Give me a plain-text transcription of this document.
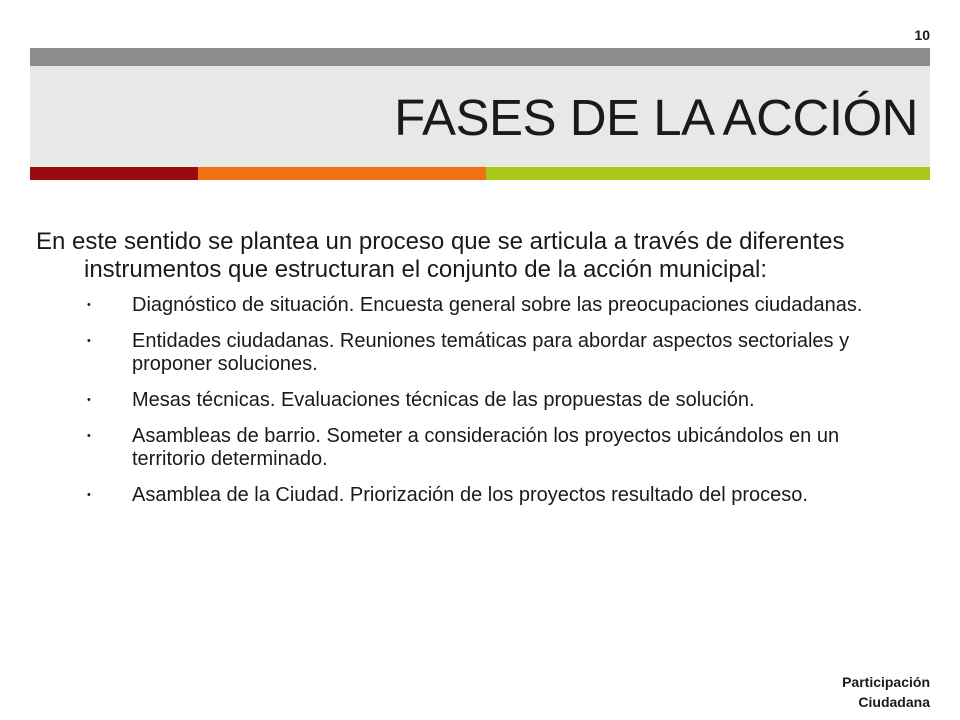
10
FASES DE LA ACCIÓN

En este sentido se plantea un proceso que se articula a través de diferentes instrumentos que estructuran el conjunto de la acción municipal:

• Diagnóstico de situación. Encuesta general sobre las preocupaciones ciudadanas.
• Entidades ciudadanas. Reuniones temáticas para abordar aspectos sectoriales y proponer soluciones.
• Mesas técnicas. Evaluaciones técnicas de las propuestas de solución.
• Asambleas de barrio. Someter a consideración los proyectos ubicándolos en un territorio determinado.
• Asamblea de la Ciudad. Priorización de los proyectos resultado del proceso.
Participación
Ciudadana
